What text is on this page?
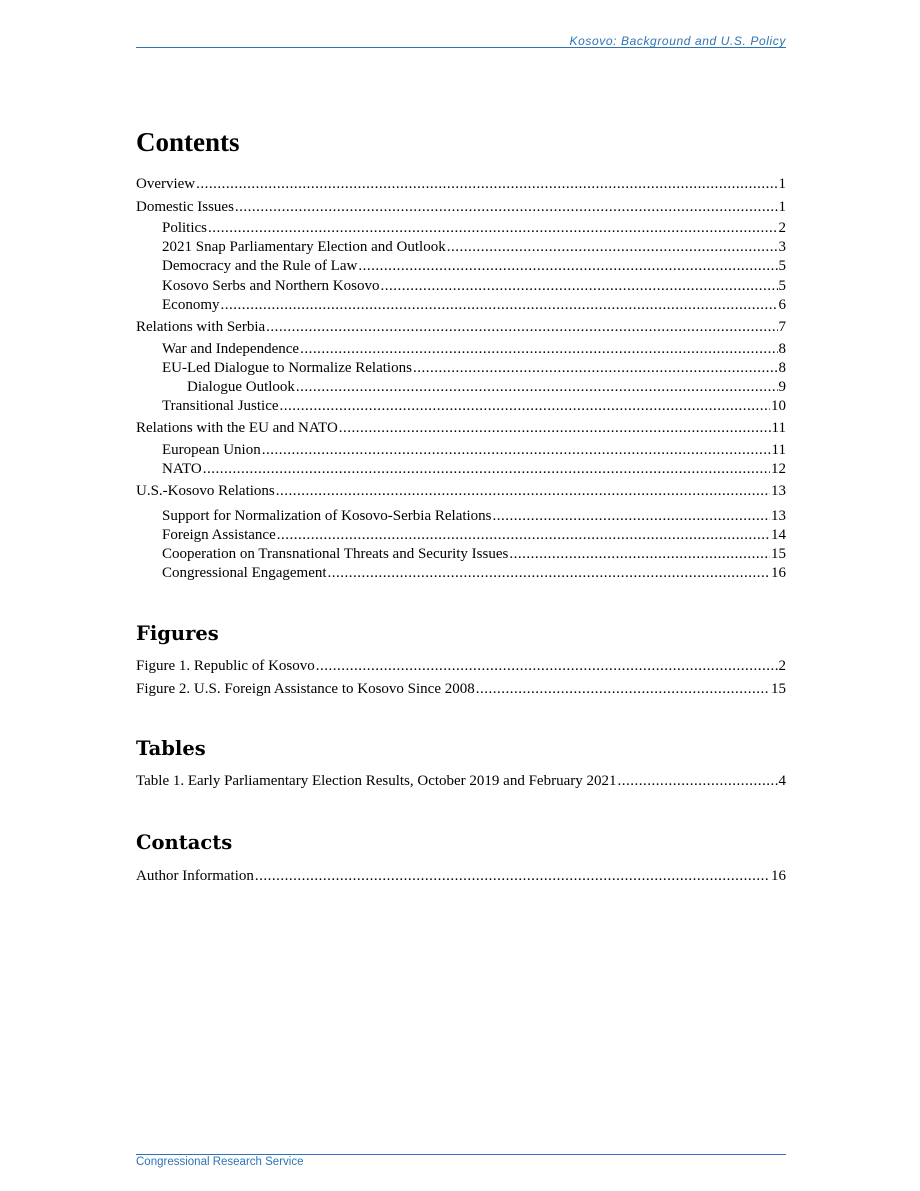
Kosovo: Background and U.S. Policy
Contents
Overview .....	1
Domestic Issues .....	1
Politics .....	2
2021 Snap Parliamentary Election and Outlook .....	3
Democracy and the Rule of Law .....	5
Kosovo Serbs and Northern Kosovo .....	5
Economy .....	6
Relations with Serbia .....	7
War and Independence .....	8
EU-Led Dialogue to Normalize Relations .....	8
Dialogue Outlook .....	9
Transitional Justice .....	10
Relations with the EU and NATO .....	11
European Union .....	11
NATO .....	12
U.S.-Kosovo Relations .....	13
Support for Normalization of Kosovo-Serbia Relations .....	13
Foreign Assistance .....	14
Cooperation on Transnational Threats and Security Issues .....	15
Congressional Engagement .....	16
Figures
Figure 1. Republic of Kosovo .....	2
Figure 2. U.S. Foreign Assistance to Kosovo Since 2008 .....	15
Tables
Table 1. Early Parliamentary Election Results, October 2019 and February 2021 .....	4
Contacts
Author Information .....	16
Congressional Research Service
